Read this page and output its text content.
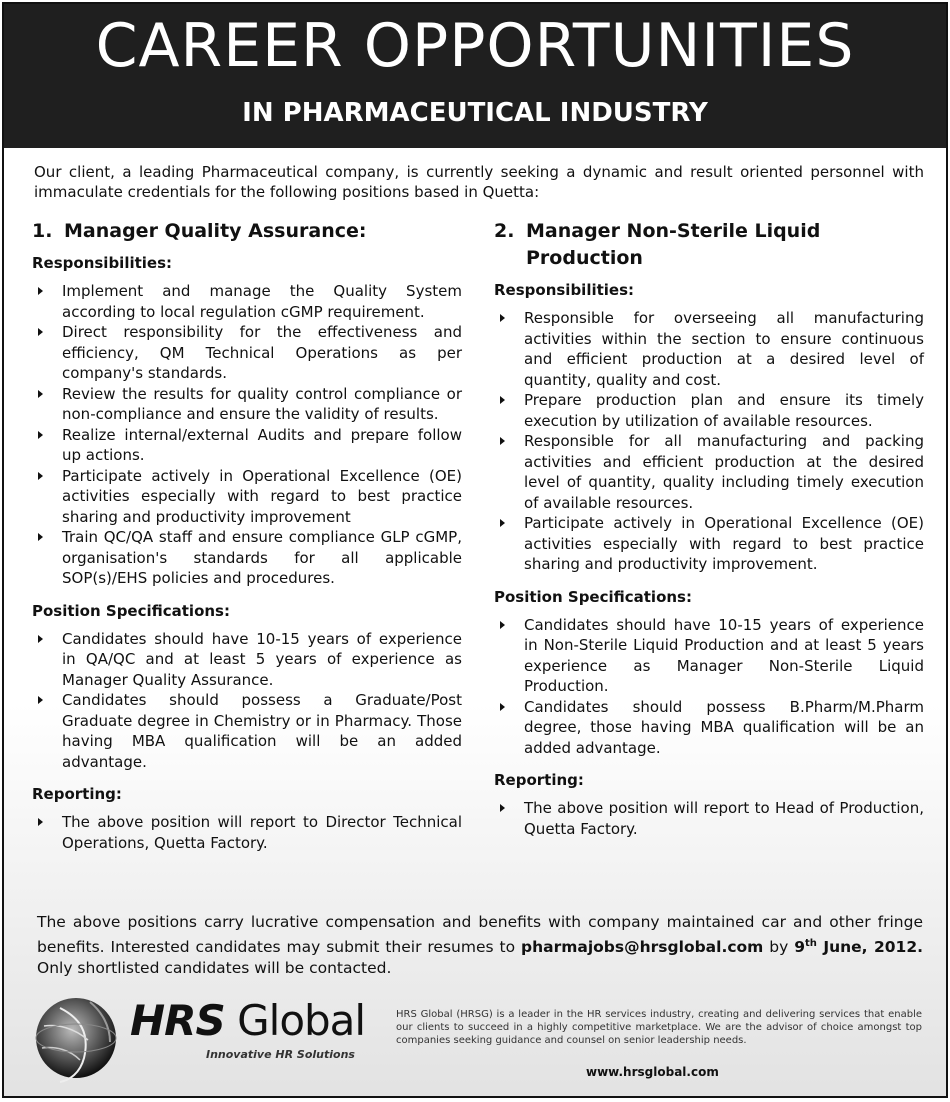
CAREER OPPORTUNITIES
IN PHARMACEUTICAL INDUSTRY
Our client, a leading Pharmaceutical company, is currently seeking a dynamic and result oriented personnel with immaculate credentials for the following positions based in Quetta:
1. Manager Quality Assurance:
Responsibilities:
Implement and manage the Quality System according to local regulation cGMP requirement.
Direct responsibility for the effectiveness and efficiency, QM Technical Operations as per company's standards.
Review the results for quality control compliance or non-compliance and ensure the validity of results.
Realize internal/external Audits and prepare follow up actions.
Participate actively in Operational Excellence (OE) activities especially with regard to best practice sharing and productivity improvement
Train QC/QA staff and ensure compliance GLP cGMP, organisation's standards for all applicable SOP(s)/EHS policies and procedures.
Position Specifications:
Candidates should have 10-15 years of experience in QA/QC and at least 5 years of experience as Manager Quality Assurance.
Candidates should possess a Graduate/Post Graduate degree in Chemistry or in Pharmacy. Those having MBA qualification will be an added advantage.
Reporting:
The above position will report to Director Technical Operations, Quetta Factory.
2. Manager Non-Sterile Liquid Production
Responsibilities:
Responsible for overseeing all manufacturing activities within the section to ensure continuous and efficient production at a desired level of quantity, quality and cost.
Prepare production plan and ensure its timely execution by utilization of available resources.
Responsible for all manufacturing and packing activities and efficient production at the desired level of quantity, quality including timely execution of available resources.
Participate actively in Operational Excellence (OE) activities especially with regard to best practice sharing and productivity improvement.
Position Specifications:
Candidates should have 10-15 years of experience in Non-Sterile Liquid Production and at least 5 years experience as Manager Non-Sterile Liquid Production.
Candidates should possess B.Pharm/M.Pharm degree, those having MBA qualification will be an added advantage.
Reporting:
The above position will report to Head of Production, Quetta Factory.
The above positions carry lucrative compensation and benefits with company maintained car and other fringe benefits. Interested candidates may submit their resumes to pharmajobs@hrsglobal.com by 9th June, 2012. Only shortlisted candidates will be contacted.
HRS Global
Innovative HR Solutions
HRS Global (HRSG) is a leader in the HR services industry, creating and delivering services that enable our clients to succeed in a highly competitive marketplace. We are the advisor of choice amongst top companies seeking guidance and counsel on senior leadership needs.
www.hrsglobal.com
